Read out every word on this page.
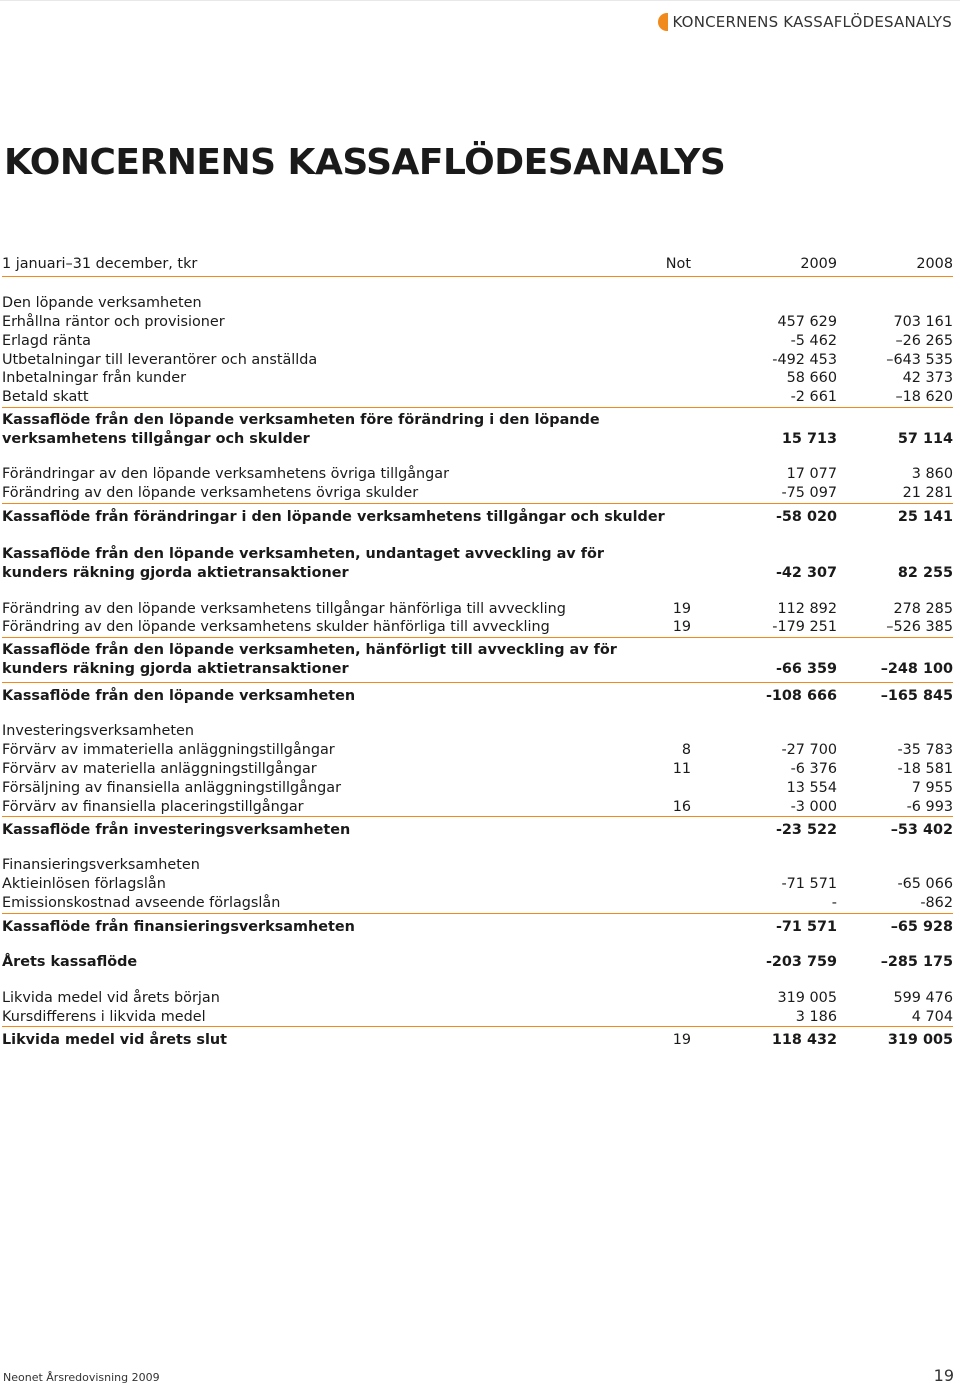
KONCERNENS KASSAFLÖDESANALYS
KONCERNENS KASSAFLÖDESANALYS
1 januari–31 december, tkr	Not	2009	2008
Den löpande verksamheten
Erhållna räntor och provisioner	457 629	703 161
Erlagd ränta	-5 462	–26 265
Utbetalningar till leverantörer och anställda	-492 453	–643 535
Inbetalningar från kunder	58 660	42 373
Betald skatt	-2 661	–18 620
Kassaflöde från den löpande verksamheten före förändring i den löpande
verksamhetens tillgångar och skulder	15 713	57 114
Förändringar av den löpande verksamhetens övriga tillgångar	17 077	3 860
Förändring av den löpande verksamhetens övriga skulder	-75 097	21 281
Kassaflöde från förändringar i den löpande verksamhetens tillgångar och skulder	-58 020	25 141
Kassaflöde från den löpande verksamheten, undantaget avveckling av för
kunders räkning gjorda aktietransaktioner	-42 307	82 255
Förändring av den löpande verksamhetens tillgångar hänförliga till avveckling	19	112 892	278 285
Förändring av den löpande verksamhetens skulder hänförliga till avveckling	19	-179 251	–526 385
Kassaflöde från den löpande verksamheten, hänförligt till avveckling av för
kunders räkning gjorda aktietransaktioner	-66 359	–248 100
Kassaflöde från den löpande verksamheten	-108 666	–165 845
Investeringsverksamheten
Förvärv av immateriella anläggningstillgångar	8	-27 700	-35 783
Förvärv av materiella anläggningstillgångar	11	-6 376	-18 581
Försäljning av finansiella anläggningstillgångar	13 554	7 955
Förvärv av finansiella placeringstillgångar	16	-3 000	-6 993
Kassaflöde från investeringsverksamheten	-23 522	–53 402
Finansieringsverksamheten
Aktieinlösen förlagslån	-71 571	-65 066
Emissionskostnad avseende förlagslån	-	-862
Kassaflöde från finansieringsverksamheten	-71 571	–65 928
Årets kassaflöde	-203 759	–285 175
Likvida medel vid årets början	319 005	599 476
Kursdifferens i likvida medel	3 186	4 704
Likvida medel vid årets slut	19	118 432	319 005
Neonet Årsredovisning 2009	19
